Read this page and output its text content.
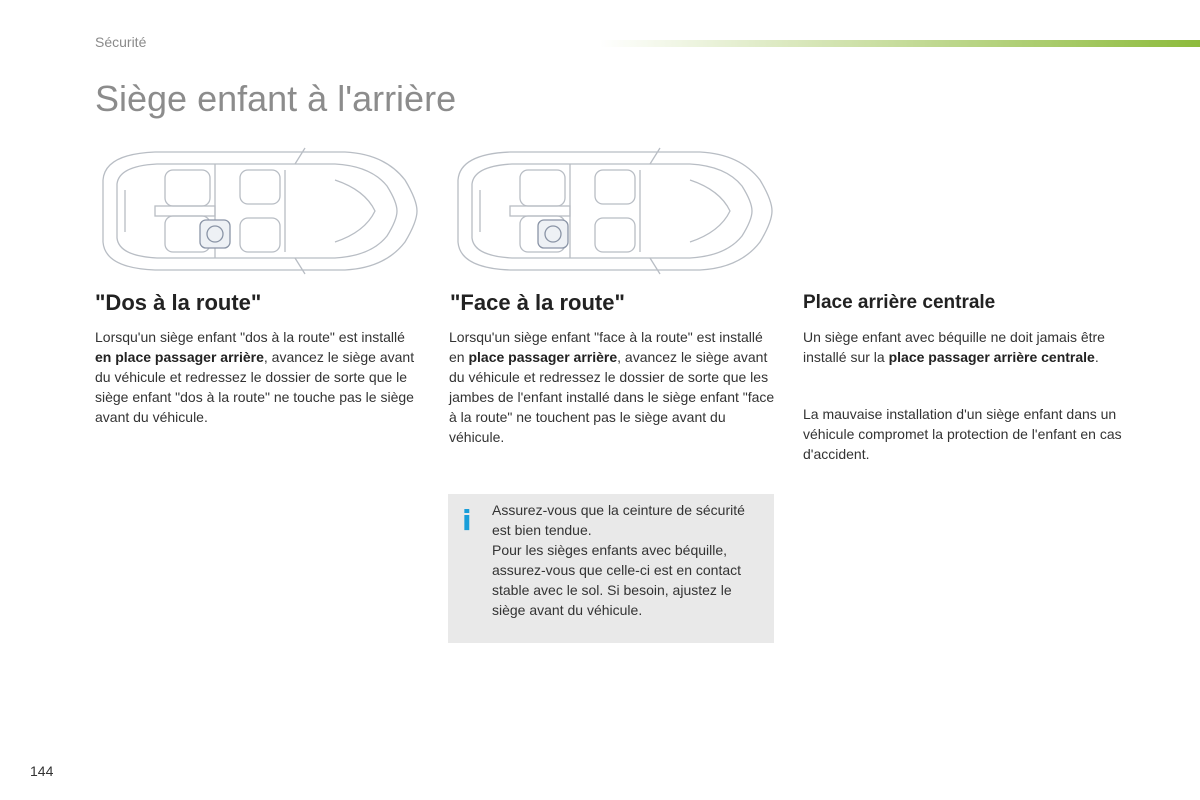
Sécurité
Siège enfant à l'arrière
"Dos à la route"

Lorsqu'un siège enfant "dos à la route" est installé en place passager arrière, avancez le siège avant du véhicule et redressez le dossier de sorte que le siège enfant "dos à la route" ne touche pas le siège avant du véhicule.

"Face à la route"

Lorsqu'un siège enfant "face à la route" est installé en place passager arrière, avancez le siège avant du véhicule et redressez le dossier de sorte que les jambes de l'enfant installé dans le siège enfant "face à la route" ne touchent pas le siège avant du véhicule.

Place arrière centrale

Un siège enfant avec béquille ne doit jamais être installé sur la place passager arrière centrale.

La mauvaise installation d'un siège enfant dans un véhicule compromet la protection de l'enfant en cas d'accident.

i Assurez-vous que la ceinture de sécurité est bien tendue.
Pour les sièges enfants avec béquille, assurez-vous que celle-ci est en contact stable avec le sol. Si besoin, ajustez le siège avant du véhicule.

144
